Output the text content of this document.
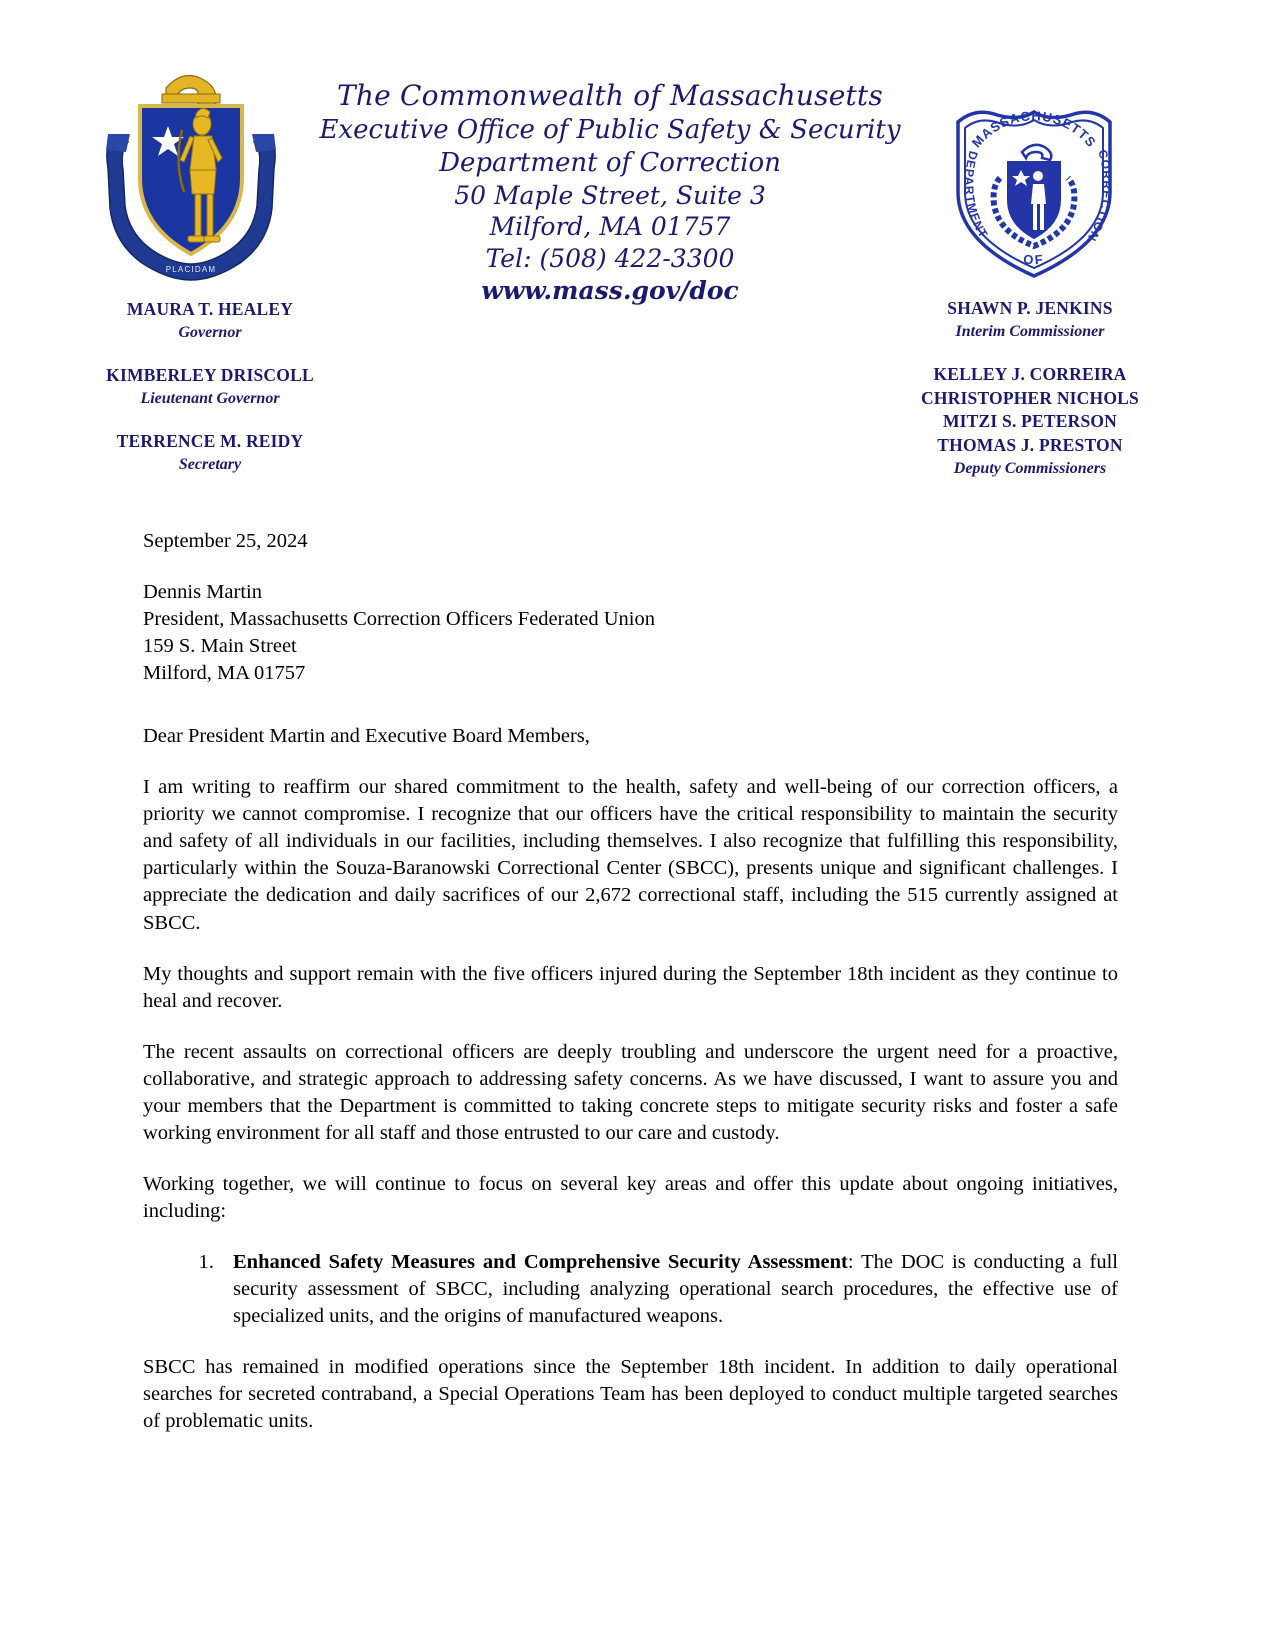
PLACIDAM
The Commonwealth of Massachusetts
Executive Office of Public Safety & Security
Department of Correction
50 Maple Street, Suite 3
Milford, MA 01757
Tel: (508) 422-3300
www.mass.gov/doc
MASSACHUSETTS
DEPARTMENT
CORRECTION
OF
MAURA T. HEALEY
Governor
KIMBERLEY DRISCOLL
Lieutenant Governor
TERRENCE M. REIDY
Secretary
SHAWN P. JENKINS
Interim Commissioner
KELLEY J. CORREIRA
CHRISTOPHER NICHOLS
MITZI S. PETERSON
THOMAS J. PRESTON
Deputy Commissioners

September 25, 2024

Dennis Martin
President, Massachusetts Correction Officers Federated Union
159 S. Main Street
Milford, MA 01757

Dear President Martin and Executive Board Members,

I am writing to reaffirm our shared commitment to the health, safety and well-being of our correction officers, a priority we cannot compromise. I recognize that our officers have the critical responsibility to maintain the security and safety of all individuals in our facilities, including themselves. I also recognize that fulfilling this responsibility, particularly within the Souza-Baranowski Correctional Center (SBCC), presents unique and significant challenges. I appreciate the dedication and daily sacrifices of our 2,672 correctional staff, including the 515 currently assigned at SBCC.

My thoughts and support remain with the five officers injured during the September 18th incident as they continue to heal and recover.

The recent assaults on correctional officers are deeply troubling and underscore the urgent need for a proactive, collaborative, and strategic approach to addressing safety concerns. As we have discussed, I want to assure you and your members that the Department is committed to taking concrete steps to mitigate security risks and foster a safe working environment for all staff and those entrusted to our care and custody.

Working together, we will continue to focus on several key areas and offer this update about ongoing initiatives, including:

1. Enhanced Safety Measures and Comprehensive Security Assessment: The DOC is conducting a full security assessment of SBCC, including analyzing operational search procedures, the effective use of specialized units, and the origins of manufactured weapons.

SBCC has remained in modified operations since the September 18th incident. In addition to daily operational searches for secreted contraband, a Special Operations Team has been deployed to conduct multiple targeted searches of problematic units.
